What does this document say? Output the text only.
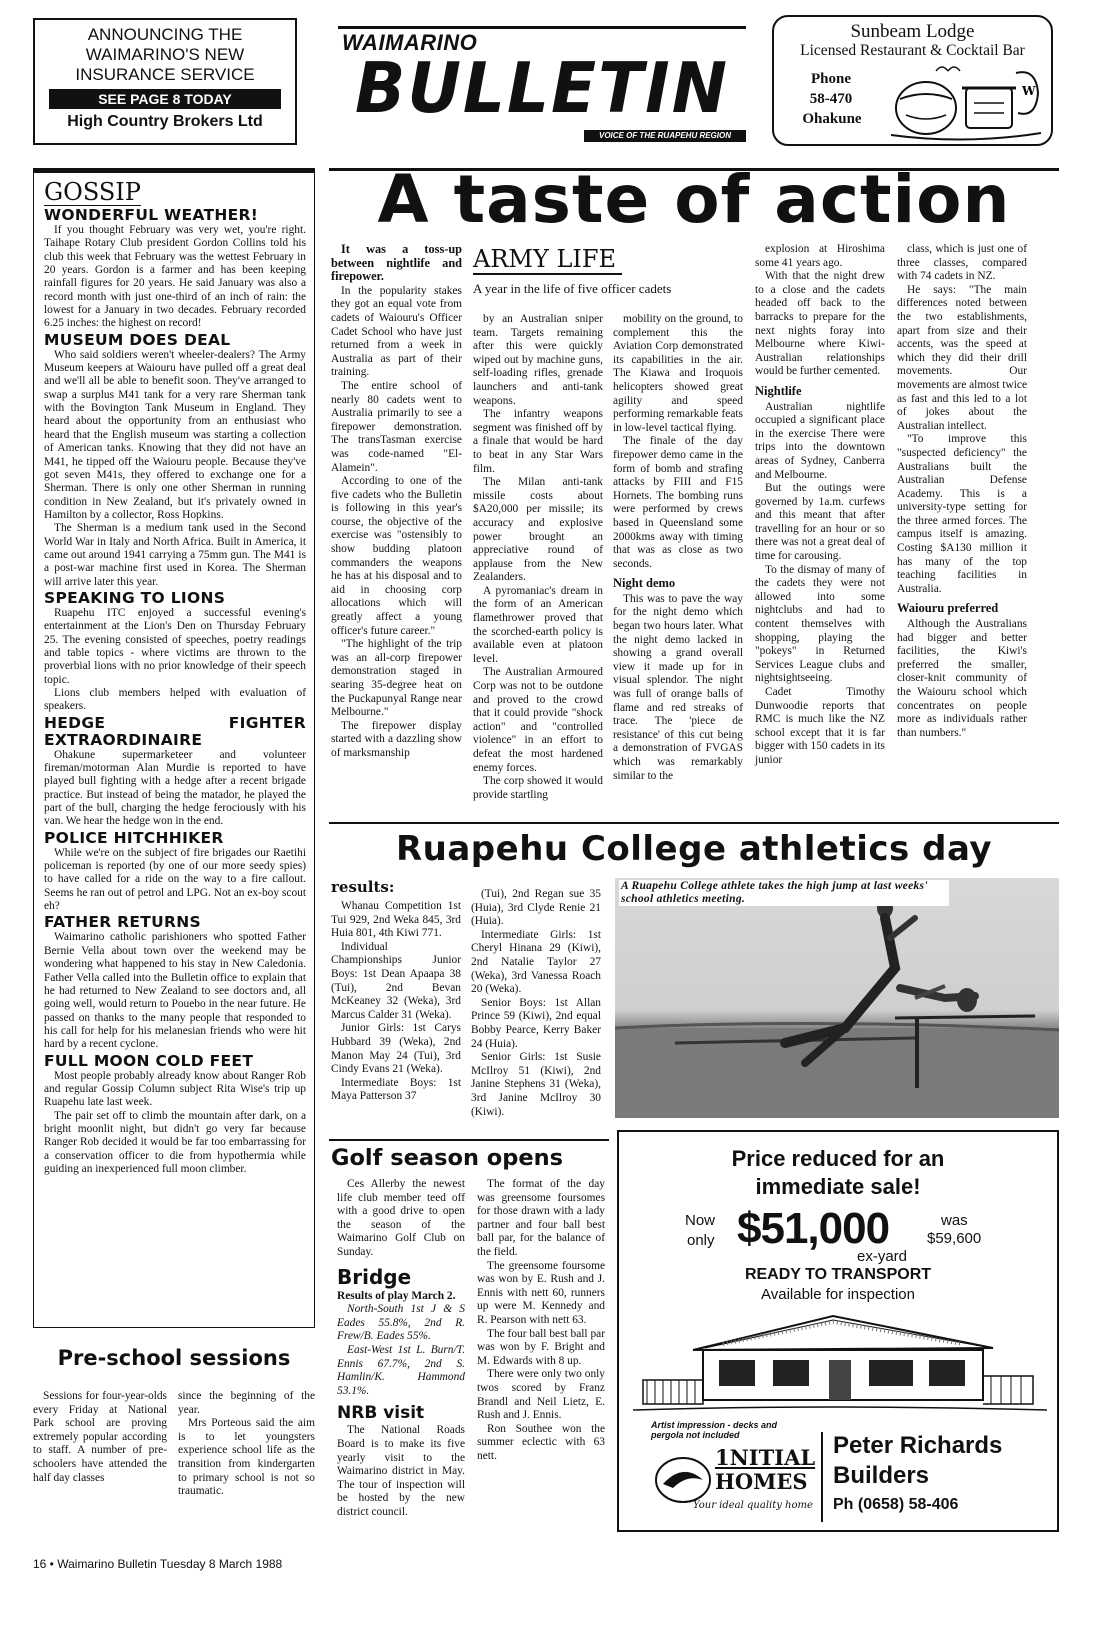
ANNOUNCING THE
WAIMARINO'S NEW
INSURANCE SERVICE
SEE PAGE 8 TODAY
High Country Brokers Ltd
WAIMARINO
BULLETIN
VOICE OF THE RUAPEHU REGION
Sunbeam Lodge
Licensed Restaurant & Cocktail Bar
Phone
58-470
Ohakune
W
GOSSIP
WONDERFUL WEATHER!

If you thought February was very wet, you're right. Taihape Rotary Club president Gordon Collins told his club this week that February was the wettest February in 20 years. Gordon is a farmer and has been keeping rainfall figures for 20 years. He said January was also a record month with just one-third of an inch of rain: the lowest for a January in two decades. February recorded 6.25 inches: the highest on record!

MUSEUM DOES DEAL

Who said soldiers weren't wheeler-dealers? The Army Museum keepers at Waiouru have pulled off a great deal and we'll all be able to benefit soon. They've arranged to swap a surplus M41 tank for a very rare Sherman tank with the Bovington Tank Museum in England. They heard about the opportunity from an enthusiast who heard that the English museum was starting a collection of American tanks. Knowing that they did not have an M41, he tipped off the Waiouru people. Because they've got seven M41s, they offered to exchange one for a Sherman. There is only one other Sherman in running condition in New Zealand, but it's privately owned in Hamilton by a collector, Ross Hopkins.

The Sherman is a medium tank used in the Second World War in Italy and North Africa. Built in America, it came out around 1941 carrying a 75mm gun. The M41 is a post-war machine first used in Korea. The Sherman will arrive later this year.

SPEAKING TO LIONS

Ruapehu ITC enjoyed a successful evening's entertainment at the Lion's Den on Thursday February 25. The evening consisted of speeches, poetry readings and table topics - where victims are thrown to the proverbial lions with no prior knowledge of their speech topic.

Lions club members helped with evaluation of speakers.

HEDGE FIGHTER EXTRAORDINAIRE

Ohakune supermarketeer and volunteer fireman/motorman Alan Murdie is reported to have played bull fighting with a hedge after a recent brigade practice. But instead of being the matador, he played the part of the bull, charging the hedge ferociously with his van. We hear the hedge won in the end.

POLICE HITCHHIKER

While we're on the subject of fire brigades our Raetihi policeman is reported (by one of our more seedy spies) to have called for a ride on the way to a fire callout. Seems he ran out of petrol and LPG. Not an ex-boy scout eh?

FATHER RETURNS

Waimarino catholic parishioners who spotted Father Bernie Vella about town over the weekend may be wondering what happened to his stay in New Caledonia. Father Vella called into the Bulletin office to explain that he had returned to New Zealand to see doctors and, all going well, would return to Pouebo in the near future. He passed on thanks to the many people that responded to his call for help for his melanesian friends who were hit hard by a recent cyclone.

FULL MOON COLD FEET

Most people probably already know about Ranger Rob and regular Gossip Column subject Rita Wise's trip up Ruapehu late last week.

The pair set off to climb the mountain after dark, on a bright moonlit night, but didn't go very far because Ranger Rob decided it would be far too embarrassing for a conservation officer to die from hypothermia while guiding an inexperienced full moon climber.

Pre-school sessions
Sessions for four-year-olds every Friday at National Park school are proving extremely popular according to staff. A number of pre-schoolers have attended the half day classes
since the beginning of the year.
Mrs Porteous said the aim is to let youngsters experience school life as the transition from kindergarten to primary school is not so traumatic.
A taste of action
It was a toss-up between nightlife and firepower.

In the popularity stakes they got an equal vote from cadets of Waiouru's Officer Cadet School who have just returned from a week in Australia as part of their training.

The entire school of nearly 80 cadets went to Australia primarily to see a firepower demonstration. The transTasman exercise was code-named "El-Alamein".

According to one of the five cadets who the Bulletin is following in this year's course, the objective of the exercise was "ostensibly to show budding platoon commanders the weapons he has at his disposal and to aid in choosing corp allocations which will greatly affect a young officer's future career."

"The highlight of the trip was an all-corp firepower demonstration staged in searing 35-degree heat on the Puckapunyal Range near Melbourne."

The firepower display started with a dazzling show of marksmanship

ARMY LIFE
A year in the life of five officer cadets

by an Australian sniper team. Targets remaining after this were quickly wiped out by machine guns, self-loading rifles, grenade launchers and anti-tank weapons.

The infantry weapons segment was finished off by a finale that would be hard to beat in any Star Wars film.

The Milan anti-tank missile costs about $A20,000 per missile; its accuracy and explosive power brought an appreciative round of applause from the New Zealanders.

A pyromaniac's dream in the form of an American flamethrower proved that the scorched-earth policy is available even at platoon level.

The Australian Armoured Corp was not to be outdone and proved to the crowd that it could provide "shock action" and "controlled violence" in an effort to defeat the most hardened enemy forces.

The corp showed it would provide startling

mobility on the ground, to complement this the Aviation Corp demonstrated its capabilities in the air. The Kiawa and Iroquois helicopters showed great agility and speed performing remarkable feats in low-level tactical flying.

The finale of the day firepower demo came in the form of bomb and strafing attacks by FIII and F15 Hornets. The bombing runs were performed by crews based in Queensland some 2000kms away with timing that was as close as two seconds.

Night demo

This was to pave the way for the night demo which began two hours later. What the night demo lacked in showing a grand overall view it made up for in visual splendor. The night was full of orange balls of flame and red streaks of trace. The 'piece de resistance' of this cut being a demonstration of FVGAS which was remarkably similar to the

explosion at Hiroshima some 41 years ago.

With that the night drew to a close and the cadets headed off back to the barracks to prepare for the next nights foray into Melbourne where Kiwi-Australian relationships would be further cemented.

Nightlife

Australian nightlife occupied a significant place in the exercise There were trips into the downtown areas of Sydney, Canberra and Melbourne.

But the outings were governed by 1a.m. curfews and this meant that after travelling for an hour or so there was not a great deal of time for carousing.

To the dismay of many of the cadets they were not allowed into some nightclubs and had to content themselves with shopping, playing the "pokeys" in Returned Services League clubs and nightsightseeing.

Cadet Timothy Dunwoodie reports that RMC is much like the NZ school except that it is far bigger with 150 cadets in its junior

class, which is just one of three classes, compared with 74 cadets in NZ.

He says: "The main differences noted between the two establishments, apart from size and their accents, was the speed at which they did their drill movements. Our movements are almost twice as fast and this led to a lot of jokes about the Australian intellect.

"To improve this "suspected deficiency" the Australians built the Australian Defense Academy. This is a university-type setting for the three armed forces. The campus itself is amazing. Costing $A130 million it has many of the top teaching facilities in Australia.

Waiouru preferred

Although the Australians had bigger and better facilities, the Kiwi's preferred the smaller, closer-knit community of the Waiouru school which concentrates on people more as individuals rather than numbers."

Ruapehu College athletics day
results:

Whanau Competition 1st Tui 929, 2nd Weka 845, 3rd Huia 801, 4th Kiwi 771.

Individual Championships Junior Boys: 1st Dean Apaapa 38 (Tui), 2nd Bevan McKeaney 32 (Weka), 3rd Marcus Calder 31 (Weka).

Junior Girls: 1st Carys Hubbard 39 (Weka), 2nd Manon May 24 (Tui), 3rd Cindy Evans 21 (Weka).

Intermediate Boys: 1st Maya Patterson 37

(Tui), 2nd Regan sue 35 (Huia), 3rd Clyde Renie 21 (Huia).

Intermediate Girls: 1st Cheryl Hinana 29 (Kiwi), 2nd Natalie Taylor 27 (Weka), 3rd Vanessa Roach 20 (Weka).

Senior Boys: 1st Allan Prince 59 (Kiwi), 2nd equal Bobby Pearce, Kerry Baker 24 (Huia).

Senior Girls: 1st Susie McIlroy 51 (Kiwi), 2nd Janine Stephens 31 (Weka), 3rd Janine McIlroy 30 (Kiwi).

A Ruapehu College athlete takes the high jump at last weeks' school athletics meeting.
Golf season opens
Ces Allerby the newest life club member teed off with a good drive to open the season of the Waimarino Golf Club on Sunday.
Bridge
Results of play March 2.
North-South 1st J & S Eades 55.8%, 2nd R. Frew/B. Eades 55%.
East-West 1st L. Burn/T. Ennis 67.7%, 2nd S. Hamlin/K. Hammond 53.1%.
NRB visit
The National Roads Board is to make its five yearly visit to the Waimarino district in May. The tour of inspection will be hosted by the new district council.

The format of the day was greensome foursomes for those drawn with a lady partner and four ball best ball par, for the balance of the field.

The greensome foursome was won by E. Rush and J. Ennis with nett 60, runners up were M. Kennedy and R. Pearson with nett 63.

The four ball best ball par was won by F. Bright and M. Edwards with 8 up.

There were only two only twos scored by Franz Brandl and Neil Lietz, E. Rush and J. Ennis.

Ron Southee won the summer eclectic with 63 nett.

Price reduced for an
immediate sale!
Now
only $51,000
ex-yard
was
$59,600
READY TO TRANSPORT
Available for inspection
Artist impression - decks and pergola not included
1NITIAL
HOMES
Your ideal quality home
Peter Richards
Builders
Ph (0658) 58-406
16 • Waimarino Bulletin Tuesday 8 March 1988
